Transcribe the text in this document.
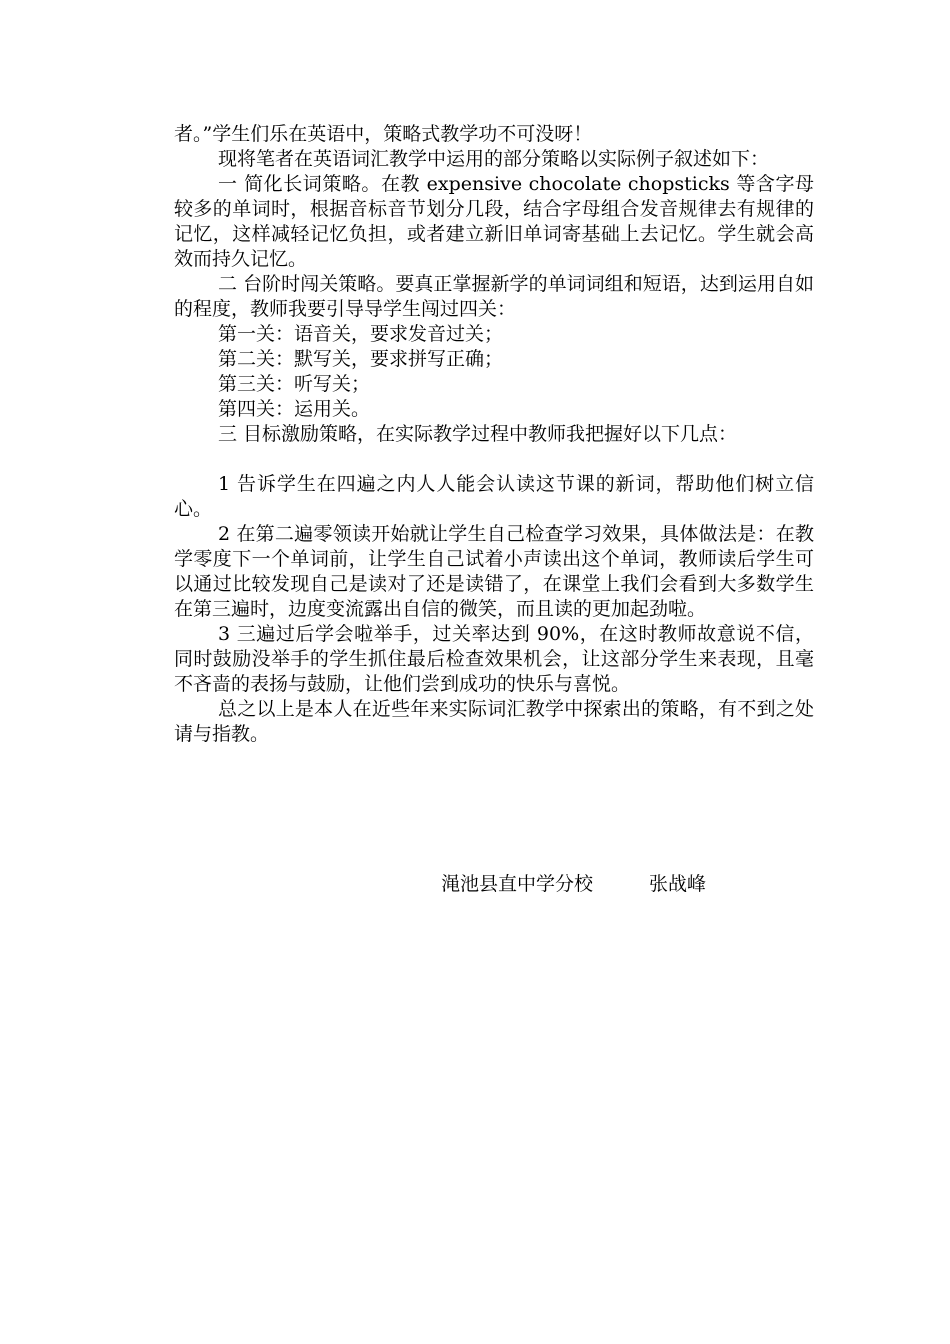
者。”学生们乐在英语中，策略式教学功不可没呀！

现将笔者在英语词汇教学中运用的部分策略以实际例子叙述如下：

一 简化长词策略。在教 expensive chocolate chopsticks 等含字母较多的单词时，根据音标音节划分几段，结合字母组合发音规律去有规律的记忆，这样减轻记忆负担，或者建立新旧单词寄基础上去记忆。学生就会高效而持久记忆。

二 台阶时闯关策略。要真正掌握新学的单词词组和短语，达到运用自如的程度，教师我要引导导学生闯过四关：

第一关：语音关，要求发音过关；

第二关：默写关，要求拼写正确；

第三关：听写关；

第四关：运用关。

三 目标激励策略，在实际教学过程中教师我把握好以下几点：

1 告诉学生在四遍之内人人能会认读这节课的新词，帮助他们树立信心。

2 在第二遍零领读开始就让学生自己检查学习效果，具体做法是：在教学零度下一个单词前，让学生自己试着小声读出这个单词，教师读后学生可以通过比较发现自己是读对了还是读错了，在课堂上我们会看到大多数学生在第三遍时，边度变流露出自信的微笑，而且读的更加起劲啦。

3 三遍过后学会啦举手，过关率达到 90%，在这时教师故意说不信，同时鼓励没举手的学生抓住最后检查效果机会，让这部分学生来表现，且毫不吝啬的表扬与鼓励，让他们尝到成功的快乐与喜悦。

总之以上是本人在近些年来实际词汇教学中探索出的策略，有不到之处请与指教。

渑池县直中学分校	张战峰
